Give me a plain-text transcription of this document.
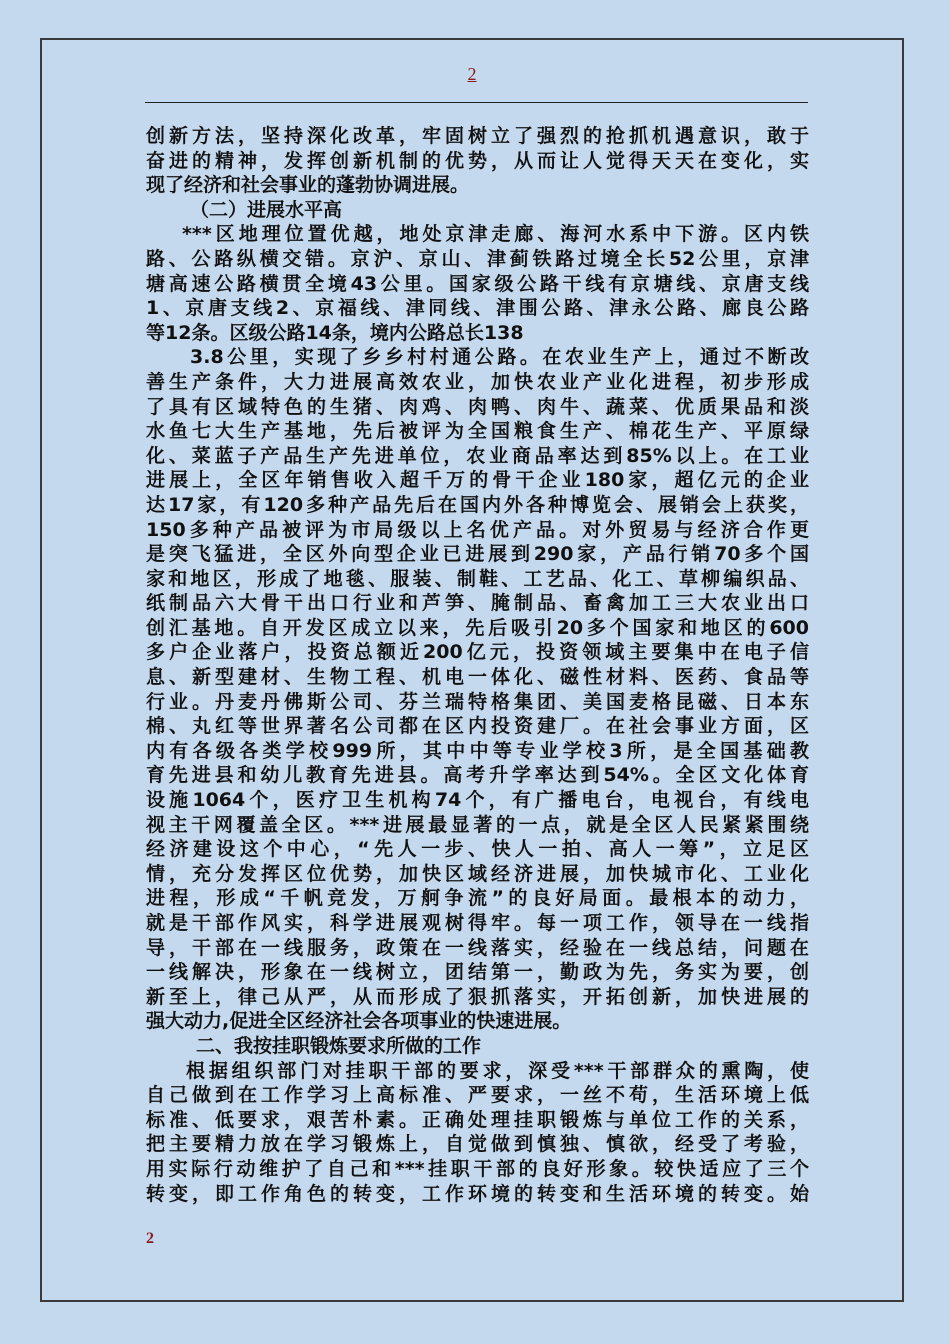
2
创新方法，坚持深化改革，牢固树立了强烈的抢抓机遇意识，敢于
奋进的精神，发挥创新机制的优势，从而让人觉得天天在变化，实
现了经济和社会事业的蓬勃协调进展。
（二）进展水平高
***区地理位置优越，地处京津走廊、海河水系中下游。区内铁
路、公路纵横交错。京沪、京山、津蓟铁路过境全长52公里，京津
塘高速公路横贯全境43公里。国家级公路干线有京塘线、京唐支线
1、京唐支线2、京福线、津同线、津围公路、津永公路、廊良公路
等12条。区级公路14条，境内公路总长138
3.8公里，实现了乡乡村村通公路。在农业生产上，通过不断改
善生产条件，大力进展高效农业，加快农业产业化进程，初步形成
了具有区域特色的生猪、肉鸡、肉鸭、肉牛、蔬菜、优质果品和淡
水鱼七大生产基地，先后被评为全国粮食生产、棉花生产、平原绿
化、菜蓝子产品生产先进单位，农业商品率达到85%以上。在工业
进展上，全区年销售收入超千万的骨干企业180家，超亿元的企业
达17家，有120多种产品先后在国内外各种博览会、展销会上获奖，
150多种产品被评为市局级以上名优产品。对外贸易与经济合作更
是突飞猛进，全区外向型企业已进展到290家，产品行销70多个国
家和地区，形成了地毯、服装、制鞋、工艺品、化工、草柳编织品、
纸制品六大骨干出口行业和芦笋、腌制品、畜禽加工三大农业出口
创汇基地。自开发区成立以来，先后吸引20多个国家和地区的600
多户企业落户，投资总额近200亿元，投资领域主要集中在电子信
息、新型建材、生物工程、机电一体化、磁性材料、医药、食品等
行业。丹麦丹佛斯公司、芬兰瑞特格集团、美国麦格昆磁、日本东
棉、丸红等世界著名公司都在区内投资建厂。在社会事业方面，区
内有各级各类学校999所，其中中等专业学校3所，是全国基础教
育先进县和幼儿教育先进县。高考升学率达到54%。全区文化体育
设施1064个，医疗卫生机构74个，有广播电台，电视台，有线电
视主干网覆盖全区。***进展最显著的一点，就是全区人民紧紧围绕
经济建设这个中心，“先人一步、快人一拍、高人一筹”，立足区
情，充分发挥区位优势，加快区域经济进展，加快城市化、工业化
进程，形成“千帆竞发，万舸争流”的良好局面。最根本的动力，
就是干部作风实，科学进展观树得牢。每一项工作，领导在一线指
导，干部在一线服务，政策在一线落实，经验在一线总结，问题在
一线解决，形象在一线树立，团结第一，勤政为先，务实为要，创
新至上，律己从严，从而形成了狠抓落实，开拓创新，加快进展的
强大动力,促进全区经济社会各项事业的快速进展。
二、我按挂职锻炼要求所做的工作
根据组织部门对挂职干部的要求，深受***干部群众的熏陶，使
自己做到在工作学习上高标准、严要求，一丝不苟，生活环境上低
标准、低要求，艰苦朴素。正确处理挂职锻炼与单位工作的关系，
把主要精力放在学习锻炼上，自觉做到慎独、慎欲，经受了考验，
用实际行动维护了自己和***挂职干部的良好形象。较快适应了三个
转变，即工作角色的转变，工作环境的转变和生活环境的转变。始
2
